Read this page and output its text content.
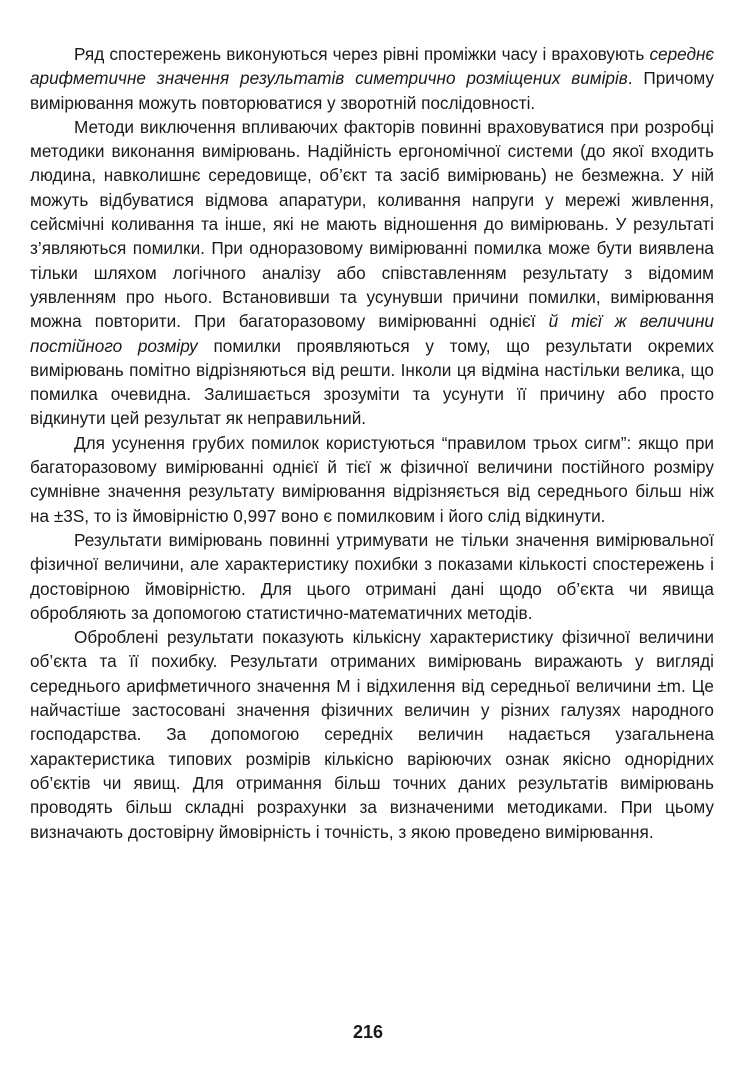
Ряд спостережень виконуються через рівні проміжки часу і враховують середнє арифметичне значення результатів симетрично розміщених вимірів. Причому вимірювання можуть повторюватися у зворотній послідовності.

Методи виключення впливаючих факторів повинні враховуватися при розробці методики виконання вимірювань. Надійність ергономічної системи (до якої входить людина, навколишнє середовище, об’єкт та засіб вимірювань) не безмежна. У ній можуть відбуватися відмова апаратури, коливання напруги у мережі живлення, сейсмічні коливання та інше, які не мають відношення до вимірювань. У результаті з’являються помилки. При одноразовому вимірюванні помилка може бути виявлена тільки шляхом логічного аналізу або співставленням результату з відомим уявленням про нього. Встановивши та усунувши причини помилки, вимірювання можна повторити. При багаторазовому вимірюванні однієї й тієї ж величини постійного розміру помилки проявляються у тому, що результати окремих вимірювань помітно відрізняються від решти. Інколи ця відміна настільки велика, що помилка очевидна. Залишається зрозуміти та усунути її причину або просто відкинути цей результат як неправильний.

Для усунення грубих помилок користуються “правилом трьох сигм”: якщо при багаторазовому вимірюванні однієї й тієї ж фізичної величини постійного розміру сумнівне значення результату вимірювання відрізняється від середнього більш ніж на ±3S, то із ймовірністю 0,997 воно є помилковим і його слід відкинути.

Результати вимірювань повинні утримувати не тільки значення вимірювальної фізичної величини, але характеристику похибки з показами кількості спостережень і достовірною ймовірністю. Для цього отримані дані щодо об’єкта чи явища обробляють за допомогою статистично-математичних методів.

Оброблені результати показують кількісну характеристику фізичної величини об’єкта та її похибку. Результати отриманих вимірювань виражають у вигляді середнього арифметичного значення M і відхилення від середньої величини ±m. Це найчастіше застосовані значення фізичних величин у різних галузях народного господарства. За допомогою середніх величин надається узагальнена характеристика типових розмірів кількісно варіюючих ознак якісно однорідних об’єктів чи явищ. Для отримання більш точних даних результатів вимірювань проводять більш складні розрахунки за визначеними методиками. При цьому визначають достовірну ймовірність і точність, з якою проведено вимірювання.

216
